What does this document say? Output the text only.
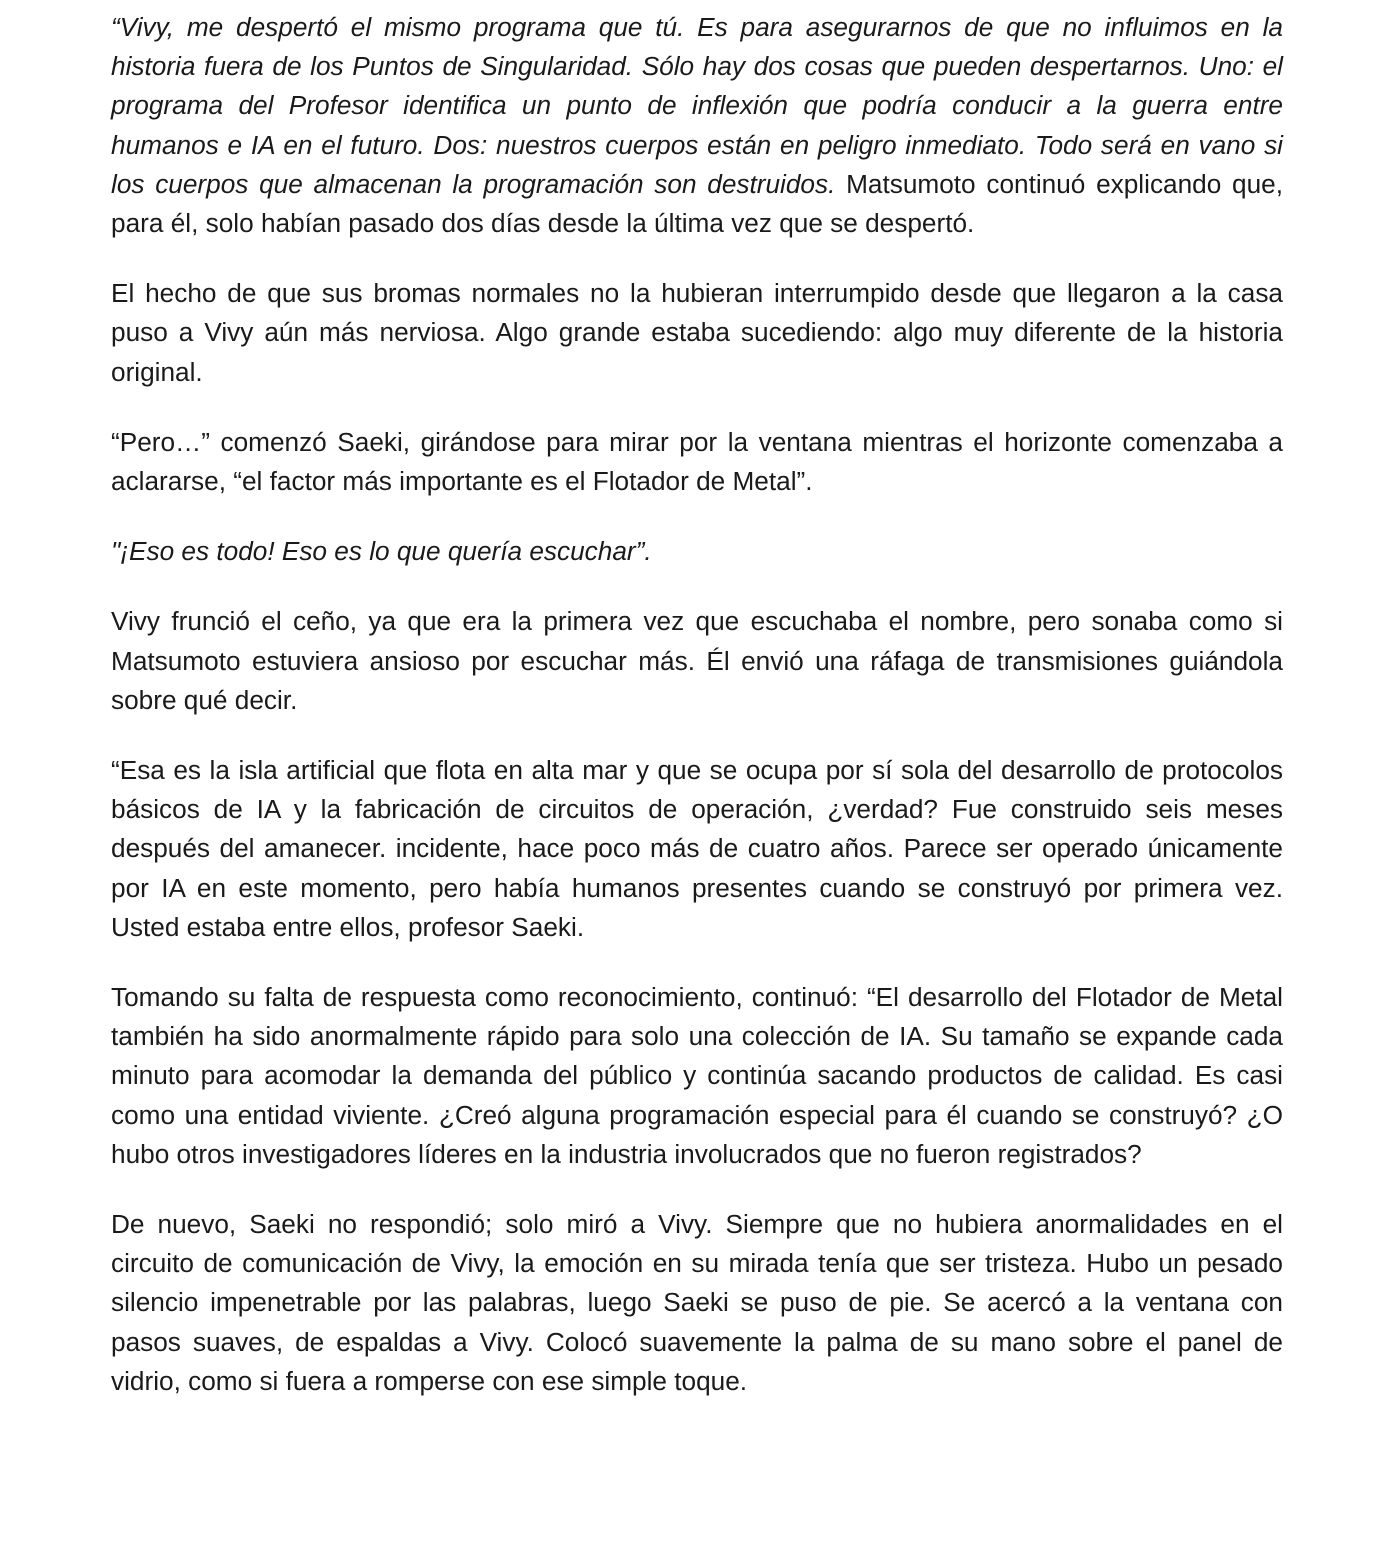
“Vivy, me despertó el mismo programa que tú. Es para asegurarnos de que no influimos en la historia fuera de los Puntos de Singularidad. Sólo hay dos cosas que pueden despertarnos. Uno: el programa del Profesor identifica un punto de inflexión que podría conducir a la guerra entre humanos e IA en el futuro. Dos: nuestros cuerpos están en peligro inmediato. Todo será en vano si los cuerpos que almacenan la programación son destruidos. Matsumoto continuó explicando que, para él, solo habían pasado dos días desde la última vez que se despertó.

El hecho de que sus bromas normales no la hubieran interrumpido desde que llegaron a la casa puso a Vivy aún más nerviosa. Algo grande estaba sucediendo: algo muy diferente de la historia original.

“Pero…” comenzó Saeki, girándose para mirar por la ventana mientras el horizonte comenzaba a aclararse, “el factor más importante es el Flotador de Metal”.

"¡Eso es todo! Eso es lo que quería escuchar”.

Vivy frunció el ceño, ya que era la primera vez que escuchaba el nombre, pero sonaba como si Matsumoto estuviera ansioso por escuchar más. Él envió una ráfaga de transmisiones guiándola sobre qué decir.

“Esa es la isla artificial que flota en alta mar y que se ocupa por sí sola del desarrollo de protocolos básicos de IA y la fabricación de circuitos de operación, ¿verdad? Fue construido seis meses después del amanecer. incidente, hace poco más de cuatro años. Parece ser operado únicamente por IA en este momento, pero había humanos presentes cuando se construyó por primera vez. Usted estaba entre ellos, profesor Saeki.

Tomando su falta de respuesta como reconocimiento, continuó: “El desarrollo del Flotador de Metal también ha sido anormalmente rápido para solo una colección de IA. Su tamaño se expande cada minuto para acomodar la demanda del público y continúa sacando productos de calidad. Es casi como una entidad viviente. ¿Creó alguna programación especial para él cuando se construyó? ¿O hubo otros investigadores líderes en la industria involucrados que no fueron registrados?

De nuevo, Saeki no respondió; solo miró a Vivy. Siempre que no hubiera anormalidades en el circuito de comunicación de Vivy, la emoción en su mirada tenía que ser tristeza. Hubo un pesado silencio impenetrable por las palabras, luego Saeki se puso de pie. Se acercó a la ventana con pasos suaves, de espaldas a Vivy. Colocó suavemente la palma de su mano sobre el panel de vidrio, como si fuera a romperse con ese simple toque.
